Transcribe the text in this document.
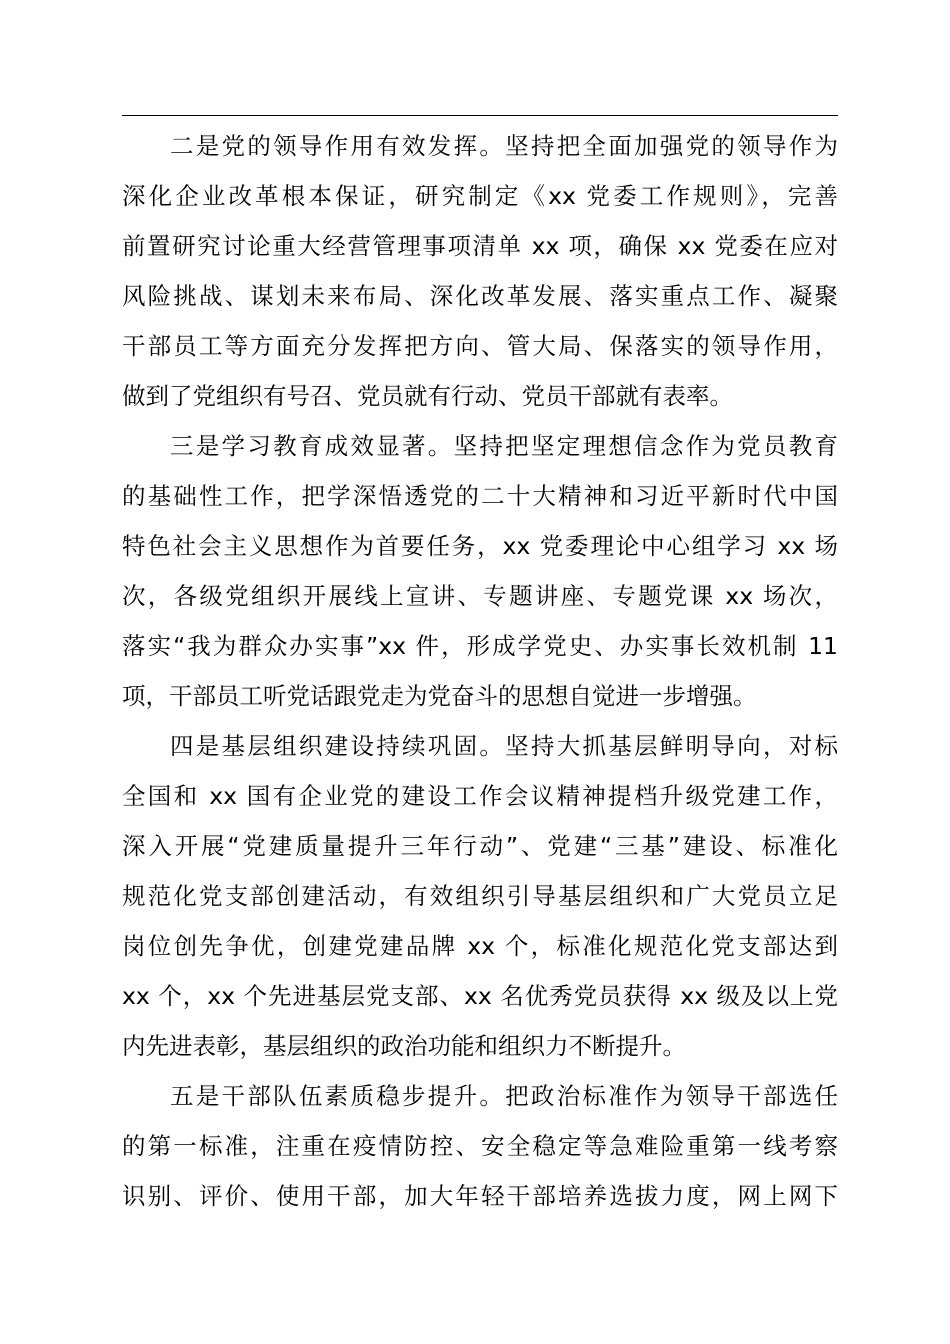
二是党的领导作用有效发挥。坚持把全面加强党的领导作为
深化企业改革根本保证，研究制定《xx 党委工作规则》，完善
前置研究讨论重大经营管理事项清单 xx 项，确保 xx 党委在应对
风险挑战、谋划未来布局、深化改革发展、落实重点工作、凝聚
干部员工等方面充分发挥把方向、管大局、保落实的领导作用，
做到了党组织有号召、党员就有行动、党员干部就有表率。
三是学习教育成效显著。坚持把坚定理想信念作为党员教育
的基础性工作，把学深悟透党的二十大精神和习近平新时代中国
特色社会主义思想作为首要任务，xx 党委理论中心组学习 xx 场
次，各级党组织开展线上宣讲、专题讲座、专题党课 xx 场次，
落实“我为群众办实事”xx 件，形成学党史、办实事长效机制 11
项，干部员工听党话跟党走为党奋斗的思想自觉进一步增强。
四是基层组织建设持续巩固。坚持大抓基层鲜明导向，对标
全国和 xx 国有企业党的建设工作会议精神提档升级党建工作，
深入开展“党建质量提升三年行动”、党建“三基”建设、标准化
规范化党支部创建活动，有效组织引导基层组织和广大党员立足
岗位创先争优，创建党建品牌 xx 个，标准化规范化党支部达到
xx 个，xx 个先进基层党支部、xx 名优秀党员获得 xx 级及以上党
内先进表彰，基层组织的政治功能和组织力不断提升。
五是干部队伍素质稳步提升。把政治标准作为领导干部选任
的第一标准，注重在疫情防控、安全稳定等急难险重第一线考察
识别、评价、使用干部，加大年轻干部培养选拔力度，网上网下
